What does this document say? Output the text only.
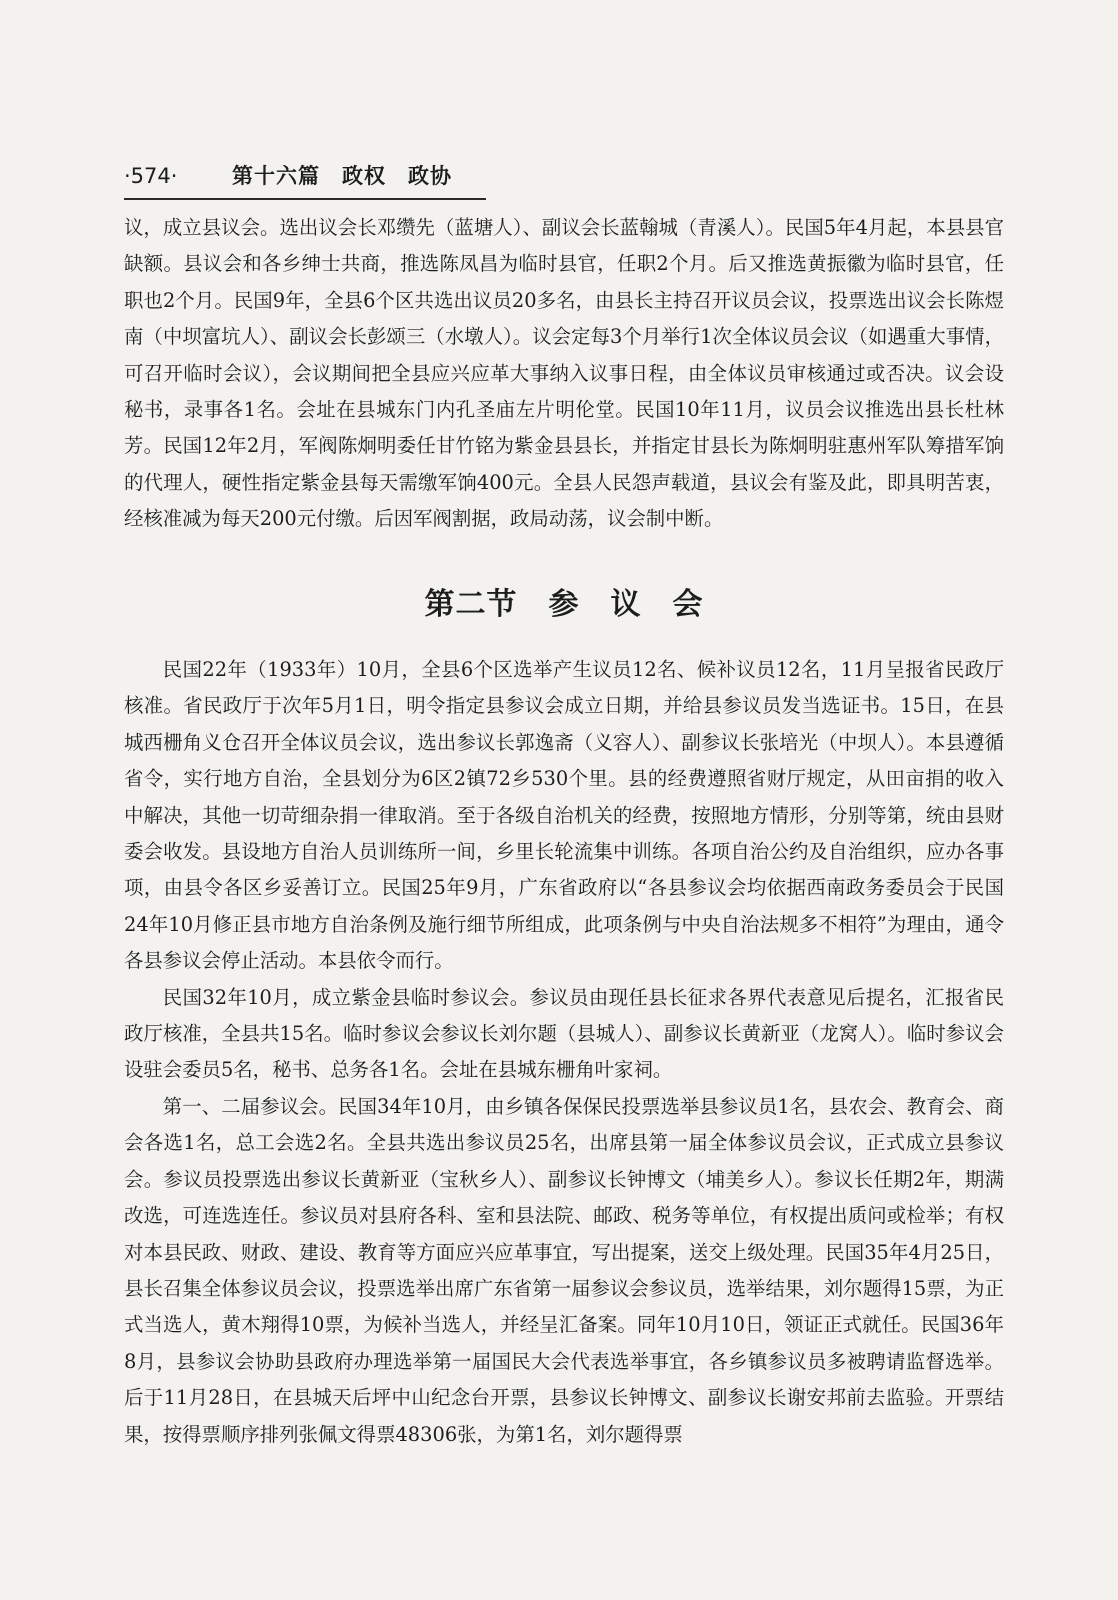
·574·	第十六篇　政权　政协

议，成立县议会。选出议会长邓缵先（蓝塘人）、副议会长蓝翰城（青溪人）。民国5年4月起，本县县官缺额。县议会和各乡绅士共商，推选陈凤昌为临时县官，任职2个月。后又推选黄振徽为临时县官，任职也2个月。民国9年，全县6个区共选出议员20多名，由县长主持召开议员会议，投票选出议会长陈煜南（中坝富坑人）、副议会长彭颂三（水墩人）。议会定每3个月举行1次全体议员会议（如遇重大事情，可召开临时会议），会议期间把全县应兴应革大事纳入议事日程，由全体议员审核通过或否决。议会设秘书，录事各1名。会址在县城东门内孔圣庙左片明伦堂。民国10年11月，议员会议推选出县长杜林芳。民国12年2月，军阀陈炯明委任甘竹铭为紫金县县长，并指定甘县长为陈炯明驻惠州军队筹措军饷的代理人，硬性指定紫金县每天需缴军饷400元。全县人民怨声载道，县议会有鉴及此，即具明苦衷，经核准减为每天200元付缴。后因军阀割据，政局动荡，议会制中断。

第二节　参　议　会

民国22年（1933年）10月，全县6个区选举产生议员12名、候补议员12名，11月呈报省民政厅核准。省民政厅于次年5月1日，明令指定县参议会成立日期，并给县参议员发当选证书。15日，在县城西栅角义仓召开全体议员会议，选出参议长郭逸斋（义容人）、副参议长张培光（中坝人）。本县遵循省令，实行地方自治，全县划分为6区2镇72乡530个里。县的经费遵照省财厅规定，从田亩捐的收入中解决，其他一切苛细杂捐一律取消。至于各级自治机关的经费，按照地方情形，分别等第，统由县财委会收发。县设地方自治人员训练所一间，乡里长轮流集中训练。各项自治公约及自治组织，应办各事项，由县令各区乡妥善订立。民国25年9月，广东省政府以“各县参议会均依据西南政务委员会于民国24年10月修正县市地方自治条例及施行细节所组成，此项条例与中央自治法规多不相符”为理由，通令各县参议会停止活动。本县依令而行。

民国32年10月，成立紫金县临时参议会。参议员由现任县长征求各界代表意见后提名，汇报省民政厅核准，全县共15名。临时参议会参议长刘尔题（县城人）、副参议长黄新亚（龙窝人）。临时参议会设驻会委员5名，秘书、总务各1名。会址在县城东栅角叶家祠。

第一、二届参议会。民国34年10月，由乡镇各保保民投票选举县参议员1名，县农会、教育会、商会各选1名，总工会选2名。全县共选出参议员25名，出席县第一届全体参议员会议，正式成立县参议会。参议员投票选出参议长黄新亚（宝秋乡人）、副参议长钟博文（埔美乡人）。参议长任期2年，期满改选，可连选连任。参议员对县府各科、室和县法院、邮政、税务等单位，有权提出质问或检举；有权对本县民政、财政、建设、教育等方面应兴应革事宜，写出提案，送交上级处理。民国35年4月25日，县长召集全体参议员会议，投票选举出席广东省第一届参议会参议员，选举结果，刘尔题得15票，为正式当选人，黄木翔得10票，为候补当选人，并经呈汇备案。同年10月10日，领证正式就任。民国36年8月，县参议会协助县政府办理选举第一届国民大会代表选举事宜，各乡镇参议员多被聘请监督选举。后于11月28日，在县城天后坪中山纪念台开票，县参议长钟博文、副参议长谢安邦前去监验。开票结果，按得票顺序排列张佩文得票48306张，为第1名，刘尔题得票
